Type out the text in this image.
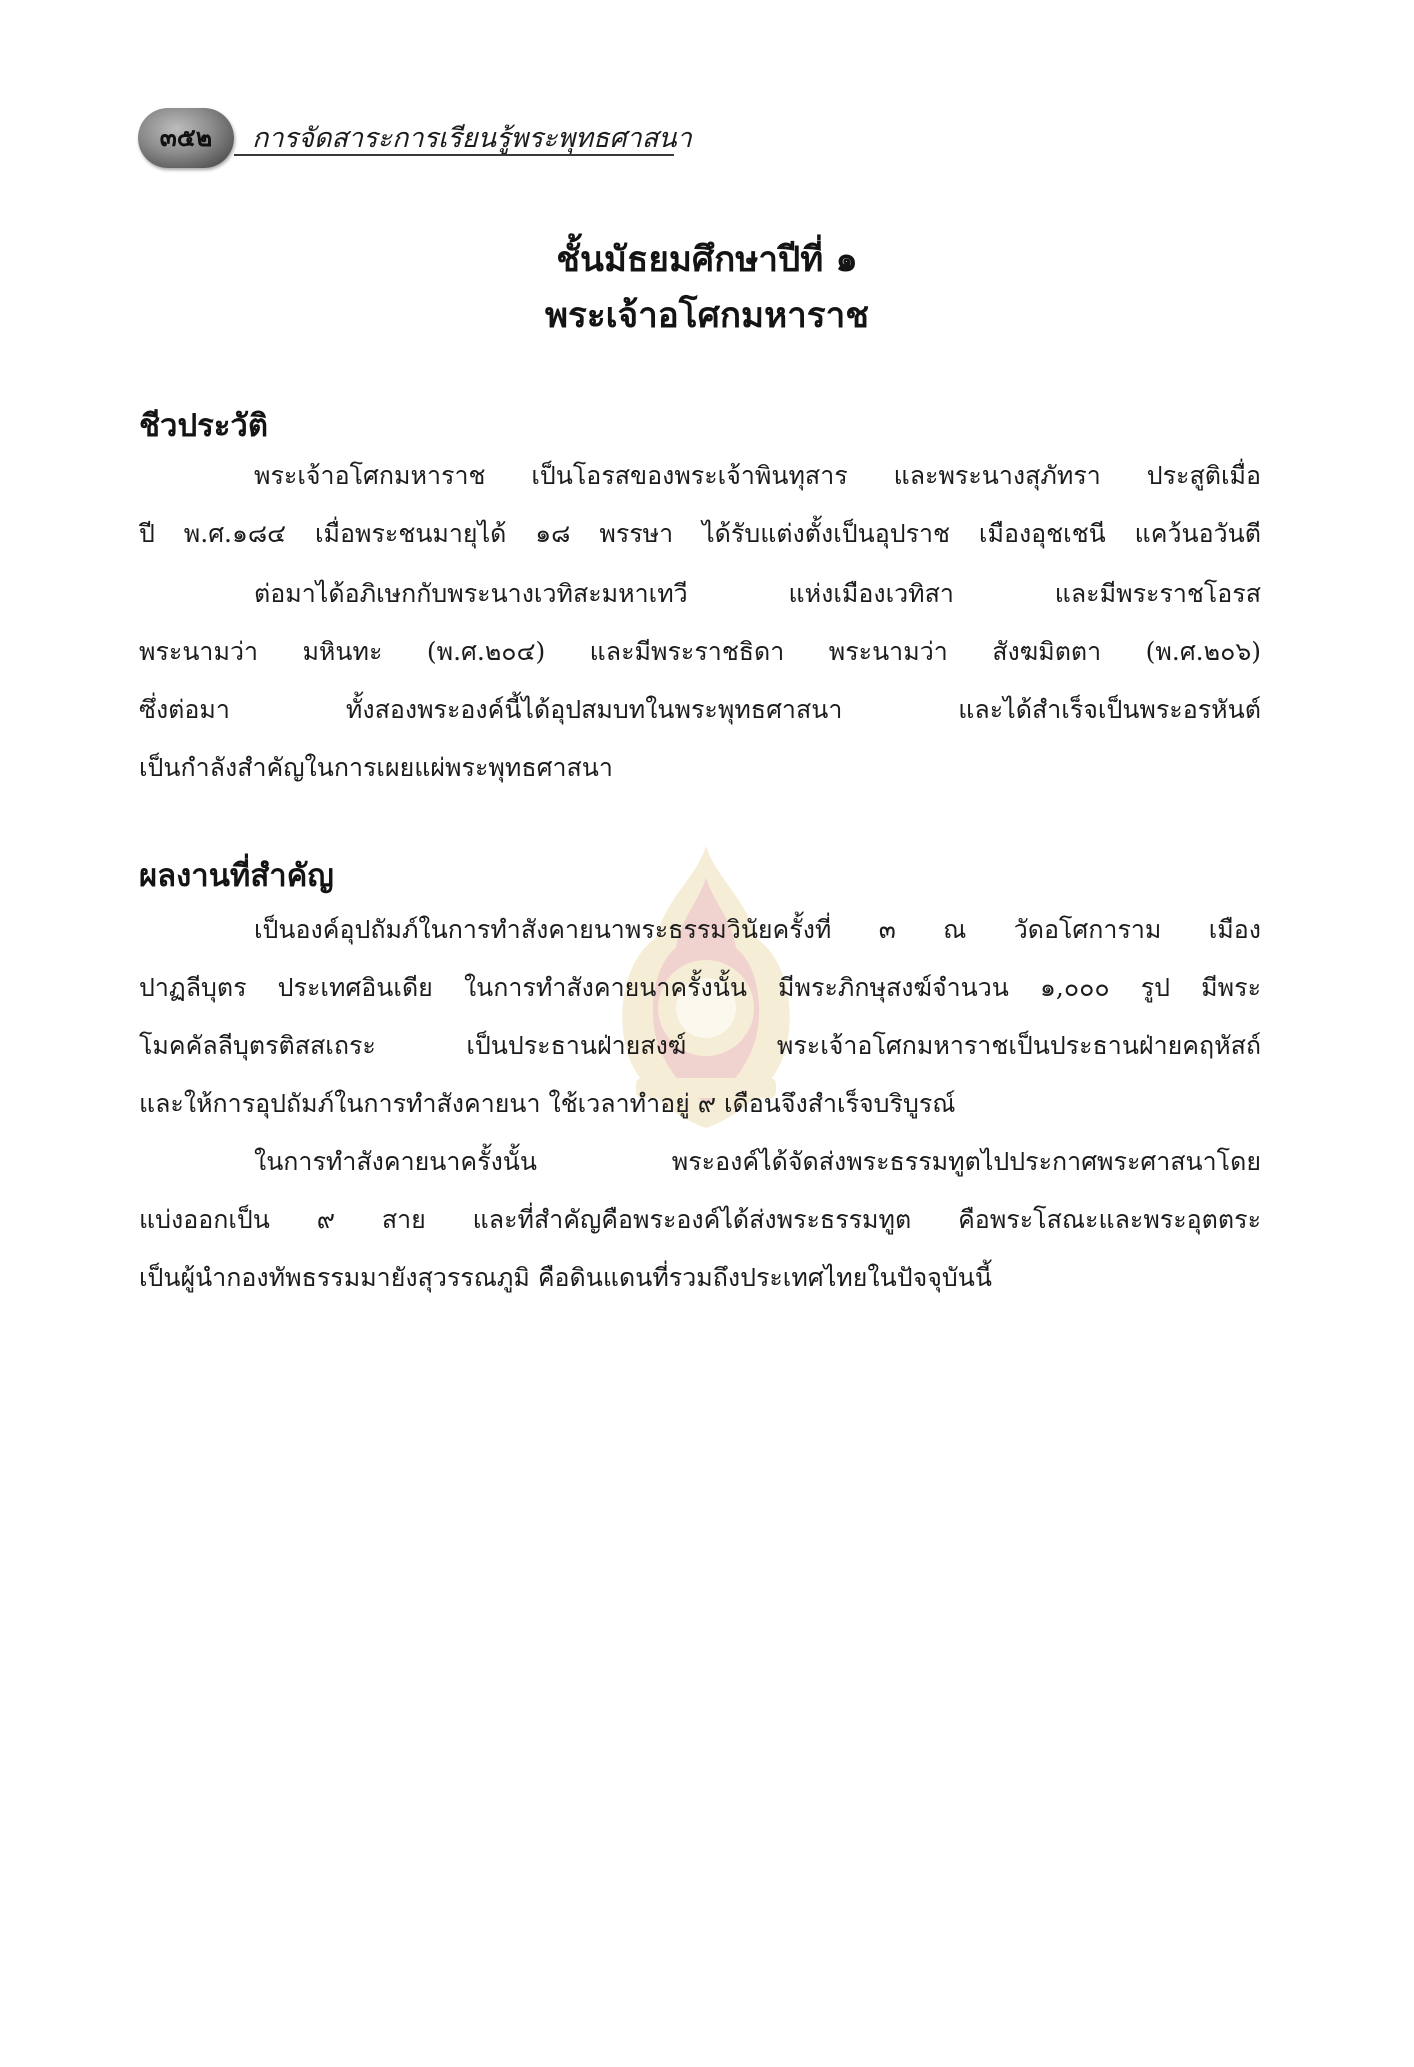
๓๕๒	การจัดสาระการเรียนรู้พระพุทธศาสนา
ชั้นมัธยมศึกษาปีที่ ๑
พระเจ้าอโศกมหาราช
ชีวประวัติ
พระเจ้าอโศกมหาราช เป็นโอรสของพระเจ้าพินทุสาร และพระนางสุภัทรา ประสูติเมื่อ
ปี พ.ศ.๑๘๔ เมื่อพระชนมายุได้ ๑๘ พรรษา ได้รับแต่งตั้งเป็นอุปราช เมืองอุชเชนี แคว้นอวันตี
ต่อมาได้อภิเษกกับพระนางเวทิสะมหาเทวี แห่งเมืองเวทิสา และมีพระราชโอรส
พระนามว่า มหินทะ (พ.ศ.๒๐๔) และมีพระราชธิดา พระนามว่า สังฆมิตตา (พ.ศ.๒๐๖)
ซึ่งต่อมา ทั้งสองพระองค์นี้ได้อุปสมบทในพระพุทธศาสนา และได้สำเร็จเป็นพระอรหันต์
เป็นกำลังสำคัญในการเผยแผ่พระพุทธศาสนา
ผลงานที่สำคัญ
เป็นองค์อุปถัมภ์ในการทำสังคายนาพระธรรมวินัยครั้งที่ ๓ ณ วัดอโศการาม เมือง
ปาฏลีบุตร ประเทศอินเดีย ในการทำสังคายนาครั้งนั้น มีพระภิกษุสงฆ์จำนวน ๑,๐๐๐ รูป มีพระ
โมคคัลลีบุตรติสสเถระ เป็นประธานฝ่ายสงฆ์ พระเจ้าอโศกมหาราชเป็นประธานฝ่ายคฤหัสถ์
และให้การอุปถัมภ์ในการทำสังคายนา ใช้เวลาทำอยู่ ๙ เดือนจึงสำเร็จบริบูรณ์
ในการทำสังคายนาครั้งนั้น พระองค์ได้จัดส่งพระธรรมทูตไปประกาศพระศาสนาโดย
แบ่งออกเป็น ๙ สาย และที่สำคัญคือพระองค์ได้ส่งพระธรรมทูต คือพระโสณะและพระอุตตระ
เป็นผู้นำกองทัพธรรมมายังสุวรรณภูมิ คือดินแดนที่รวมถึงประเทศไทยในปัจจุบันนี้
